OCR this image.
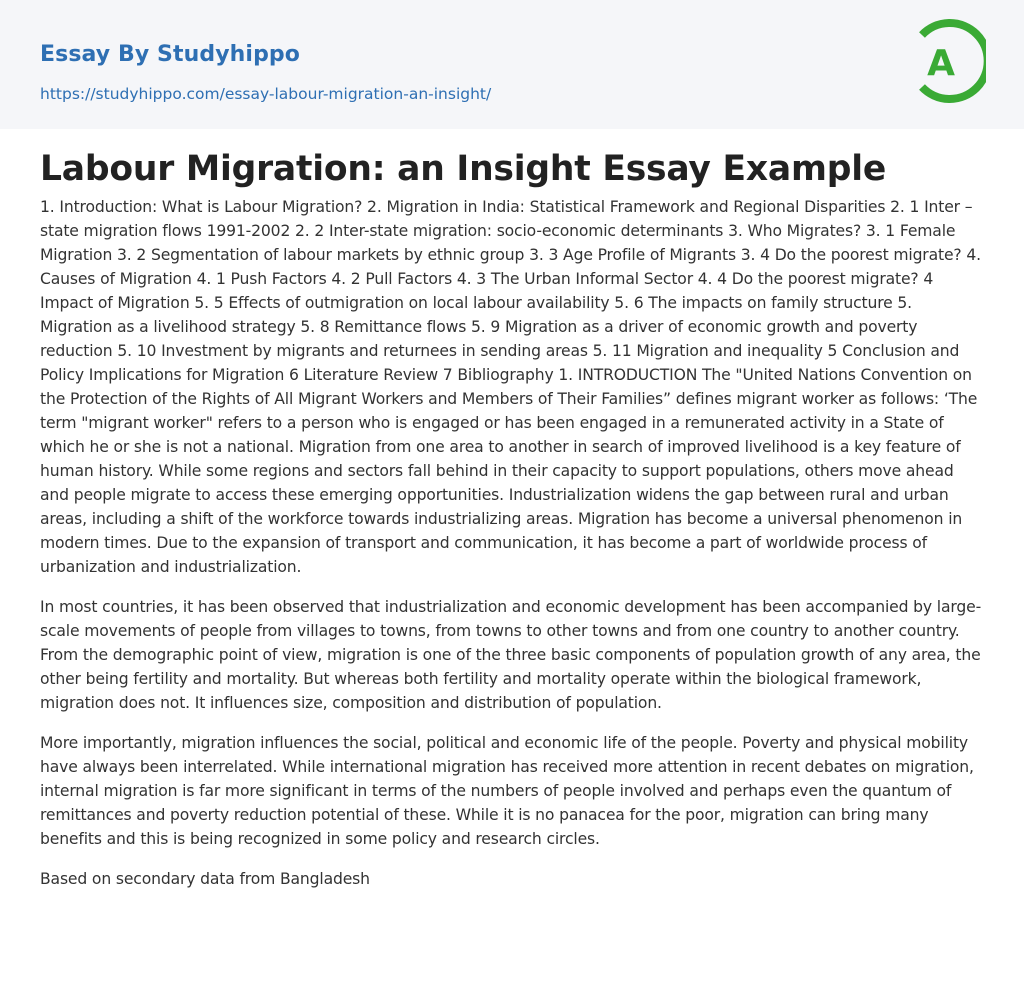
Essay By Studyhippo
https://studyhippo.com/essay-labour-migration-an-insight/
A
Labour Migration: an Insight Essay Example

1. Introduction: What is Labour Migration? 2. Migration in India: Statistical Framework and Regional Disparities 2. 1 Inter – state migration flows 1991-2002 2. 2 Inter-state migration: socio-economic determinants 3. Who Migrates? 3. 1 Female Migration 3. 2 Segmentation of labour markets by ethnic group 3. 3 Age Profile of Migrants 3. 4 Do the poorest migrate? 4. Causes of Migration 4. 1 Push Factors 4. 2 Pull Factors 4. 3 The Urban Informal Sector 4. 4 Do the poorest migrate? 4 Impact of Migration 5. 5 Effects of outmigration on local labour availability 5. 6 The impacts on family structure 5. Migration as a livelihood strategy 5. 8 Remittance flows 5. 9 Migration as a driver of economic growth and poverty reduction 5. 10 Investment by migrants and returnees in sending areas 5. 11 Migration and inequality 5 Conclusion and Policy Implications for Migration 6 Literature Review 7 Bibliography 1. INTRODUCTION The "United Nations Convention on the Protection of the Rights of All Migrant Workers and Members of Their Families” defines migrant worker as follows: ‘The term "migrant worker" refers to a person who is engaged or has been engaged in a remunerated activity in a State of which he or she is not a national. Migration from one area to another in search of improved livelihood is a key feature of human history. While some regions and sectors fall behind in their capacity to support populations, others move ahead and people migrate to access these emerging opportunities. Industrialization widens the gap between rural and urban areas, including a shift of the workforce towards industrializing areas. Migration has become a universal phenomenon in modern times. Due to the expansion of transport and communication, it has become a part of worldwide process of urbanization and industrialization.

In most countries, it has been observed that industrialization and economic development has been accompanied by large-scale movements of people from villages to towns, from towns to other towns and from one country to another country. From the demographic point of view, migration is one of the three basic components of population growth of any area, the other being fertility and mortality. But whereas both fertility and mortality operate within the biological framework, migration does not. It influences size, composition and distribution of population.

More importantly, migration influences the social, political and economic life of the people. Poverty and physical mobility have always been interrelated. While international migration has received more attention in recent debates on migration, internal migration is far more significant in terms of the numbers of people involved and perhaps even the quantum of remittances and poverty reduction potential of these. While it is no panacea for the poor, migration can bring many benefits and this is being recognized in some policy and research circles.

Based on secondary data from Bangladesh
